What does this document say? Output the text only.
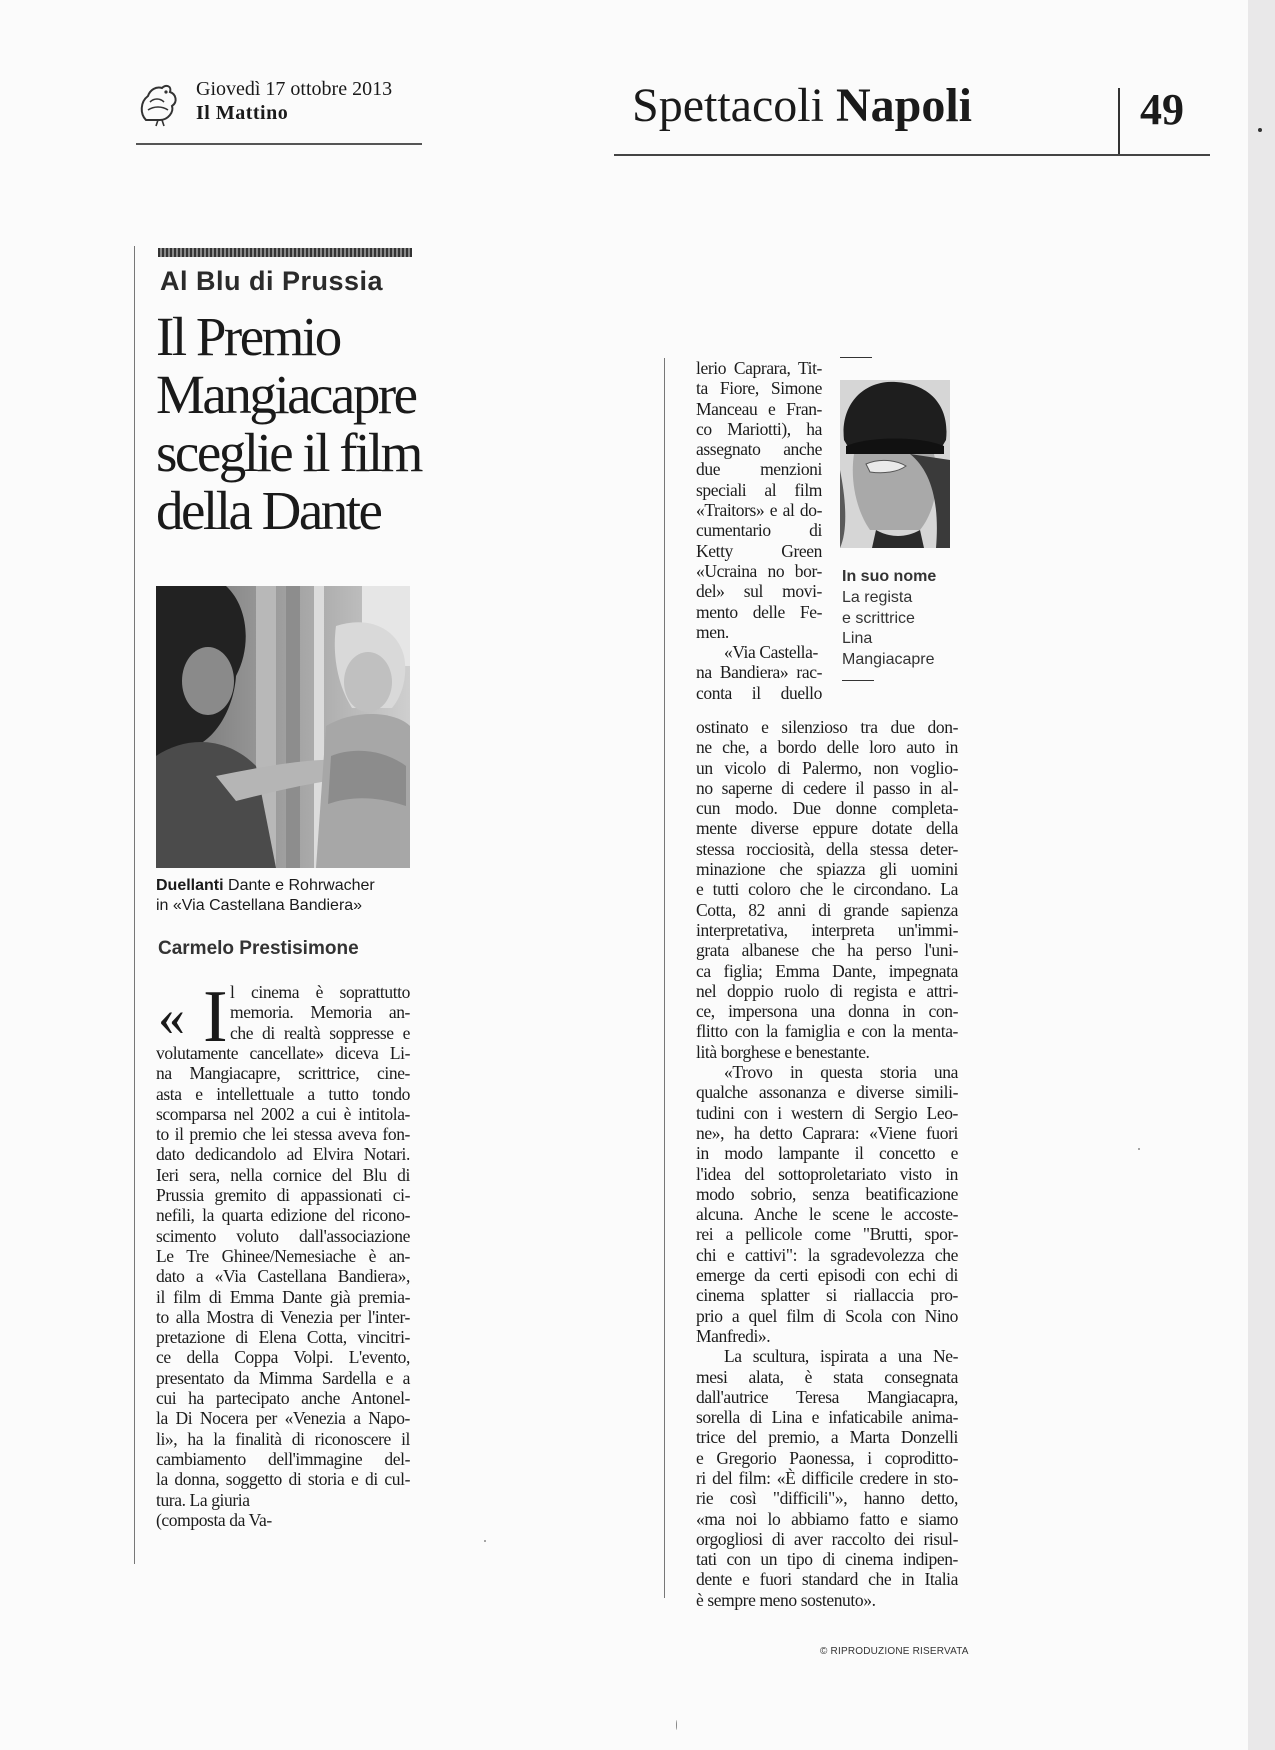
Giovedì 17 ottobre 2013
Il Mattino	Spettacoli Napoli	49
Al Blu di Prussia
Il Premio
Mangiacapre
sceglie il film
della Dante
Duellanti Dante e Rohrwacher
in «Via Castellana Bandiera»
Carmelo Prestisimone
« I l cinema è soprattutto
memoria. Memoria an-
che di realtà soppresse e
volutamente cancellate» diceva Li-
na Mangiacapre, scrittrice, cine-
asta e intellettuale a tutto tondo
scomparsa nel 2002 a cui è intitola-
to il premio che lei stessa aveva fon-
dato dedicandolo ad Elvira Notari.
Ieri sera, nella cornice del Blu di
Prussia gremito di appassionati ci-
nefili, la quarta edizione del ricono-
scimento voluto dall'associazione
Le Tre Ghinee/Nemesiache è an-
dato a «Via Castellana Bandiera»,
il film di Emma Dante già premia-
to alla Mostra di Venezia per l'inter-
pretazione di Elena Cotta, vincitri-
ce della Coppa Volpi. L'evento,
presentato da Mimma Sardella e a
cui ha partecipato anche Antonel-
la Di Nocera per «Venezia a Napo-
li», ha la finalità di riconoscere il
cambiamento dell'immagine del-
la donna, soggetto di storia e di cul-
tura. La giuria
(composta da Va-
lerio Caprara, Tit-
ta Fiore, Simone
Manceau e Fran-
co Mariotti), ha
assegnato anche
due menzioni
speciali al film
«Traitors» e al do-
cumentario di
Ketty Green
«Ucraina no bor-
del» sul movi-
mento delle Fe-
men.
«Via Castella-
na Bandiera» rac-
conta il duello
In suo nome
La regista
e scrittrice
Lina
Mangiacapre
ostinato e silenzioso tra due don-
ne che, a bordo delle loro auto in
un vicolo di Palermo, non voglio-
no saperne di cedere il passo in al-
cun modo. Due donne completa-
mente diverse eppure dotate della
stessa rocciosità, della stessa deter-
minazione che spiazza gli uomini
e tutti coloro che le circondano. La
Cotta, 82 anni di grande sapienza
interpretativa, interpreta un'immi-
grata albanese che ha perso l'uni-
ca figlia; Emma Dante, impegnata
nel doppio ruolo di regista e attri-
ce, impersona una donna in con-
flitto con la famiglia e con la menta-
lità borghese e benestante.
«Trovo in questa storia una
qualche assonanza e diverse simili-
tudini con i western di Sergio Leo-
ne», ha detto Caprara: «Viene fuori
in modo lampante il concetto e
l'idea del sottoproletariato visto in
modo sobrio, senza beatificazione
alcuna. Anche le scene le accoste-
rei a pellicole come "Brutti, spor-
chi e cattivi": la sgradevolezza che
emerge da certi episodi con echi di
cinema splatter si riallaccia pro-
prio a quel film di Scola con Nino
Manfredi».
La scultura, ispirata a una Ne-
mesi alata, è stata consegnata
dall'autrice Teresa Mangiacapra,
sorella di Lina e infaticabile anima-
trice del premio, a Marta Donzelli
e Gregorio Paonessa, i coproditto-
ri del film: «È difficile credere in sto-
rie così "difficili"», hanno detto,
«ma noi lo abbiamo fatto e siamo
orgogliosi di aver raccolto dei risul-
tati con un tipo di cinema indipen-
dente e fuori standard che in Italia
è sempre meno sostenuto».
© RIPRODUZIONE RISERVATA
